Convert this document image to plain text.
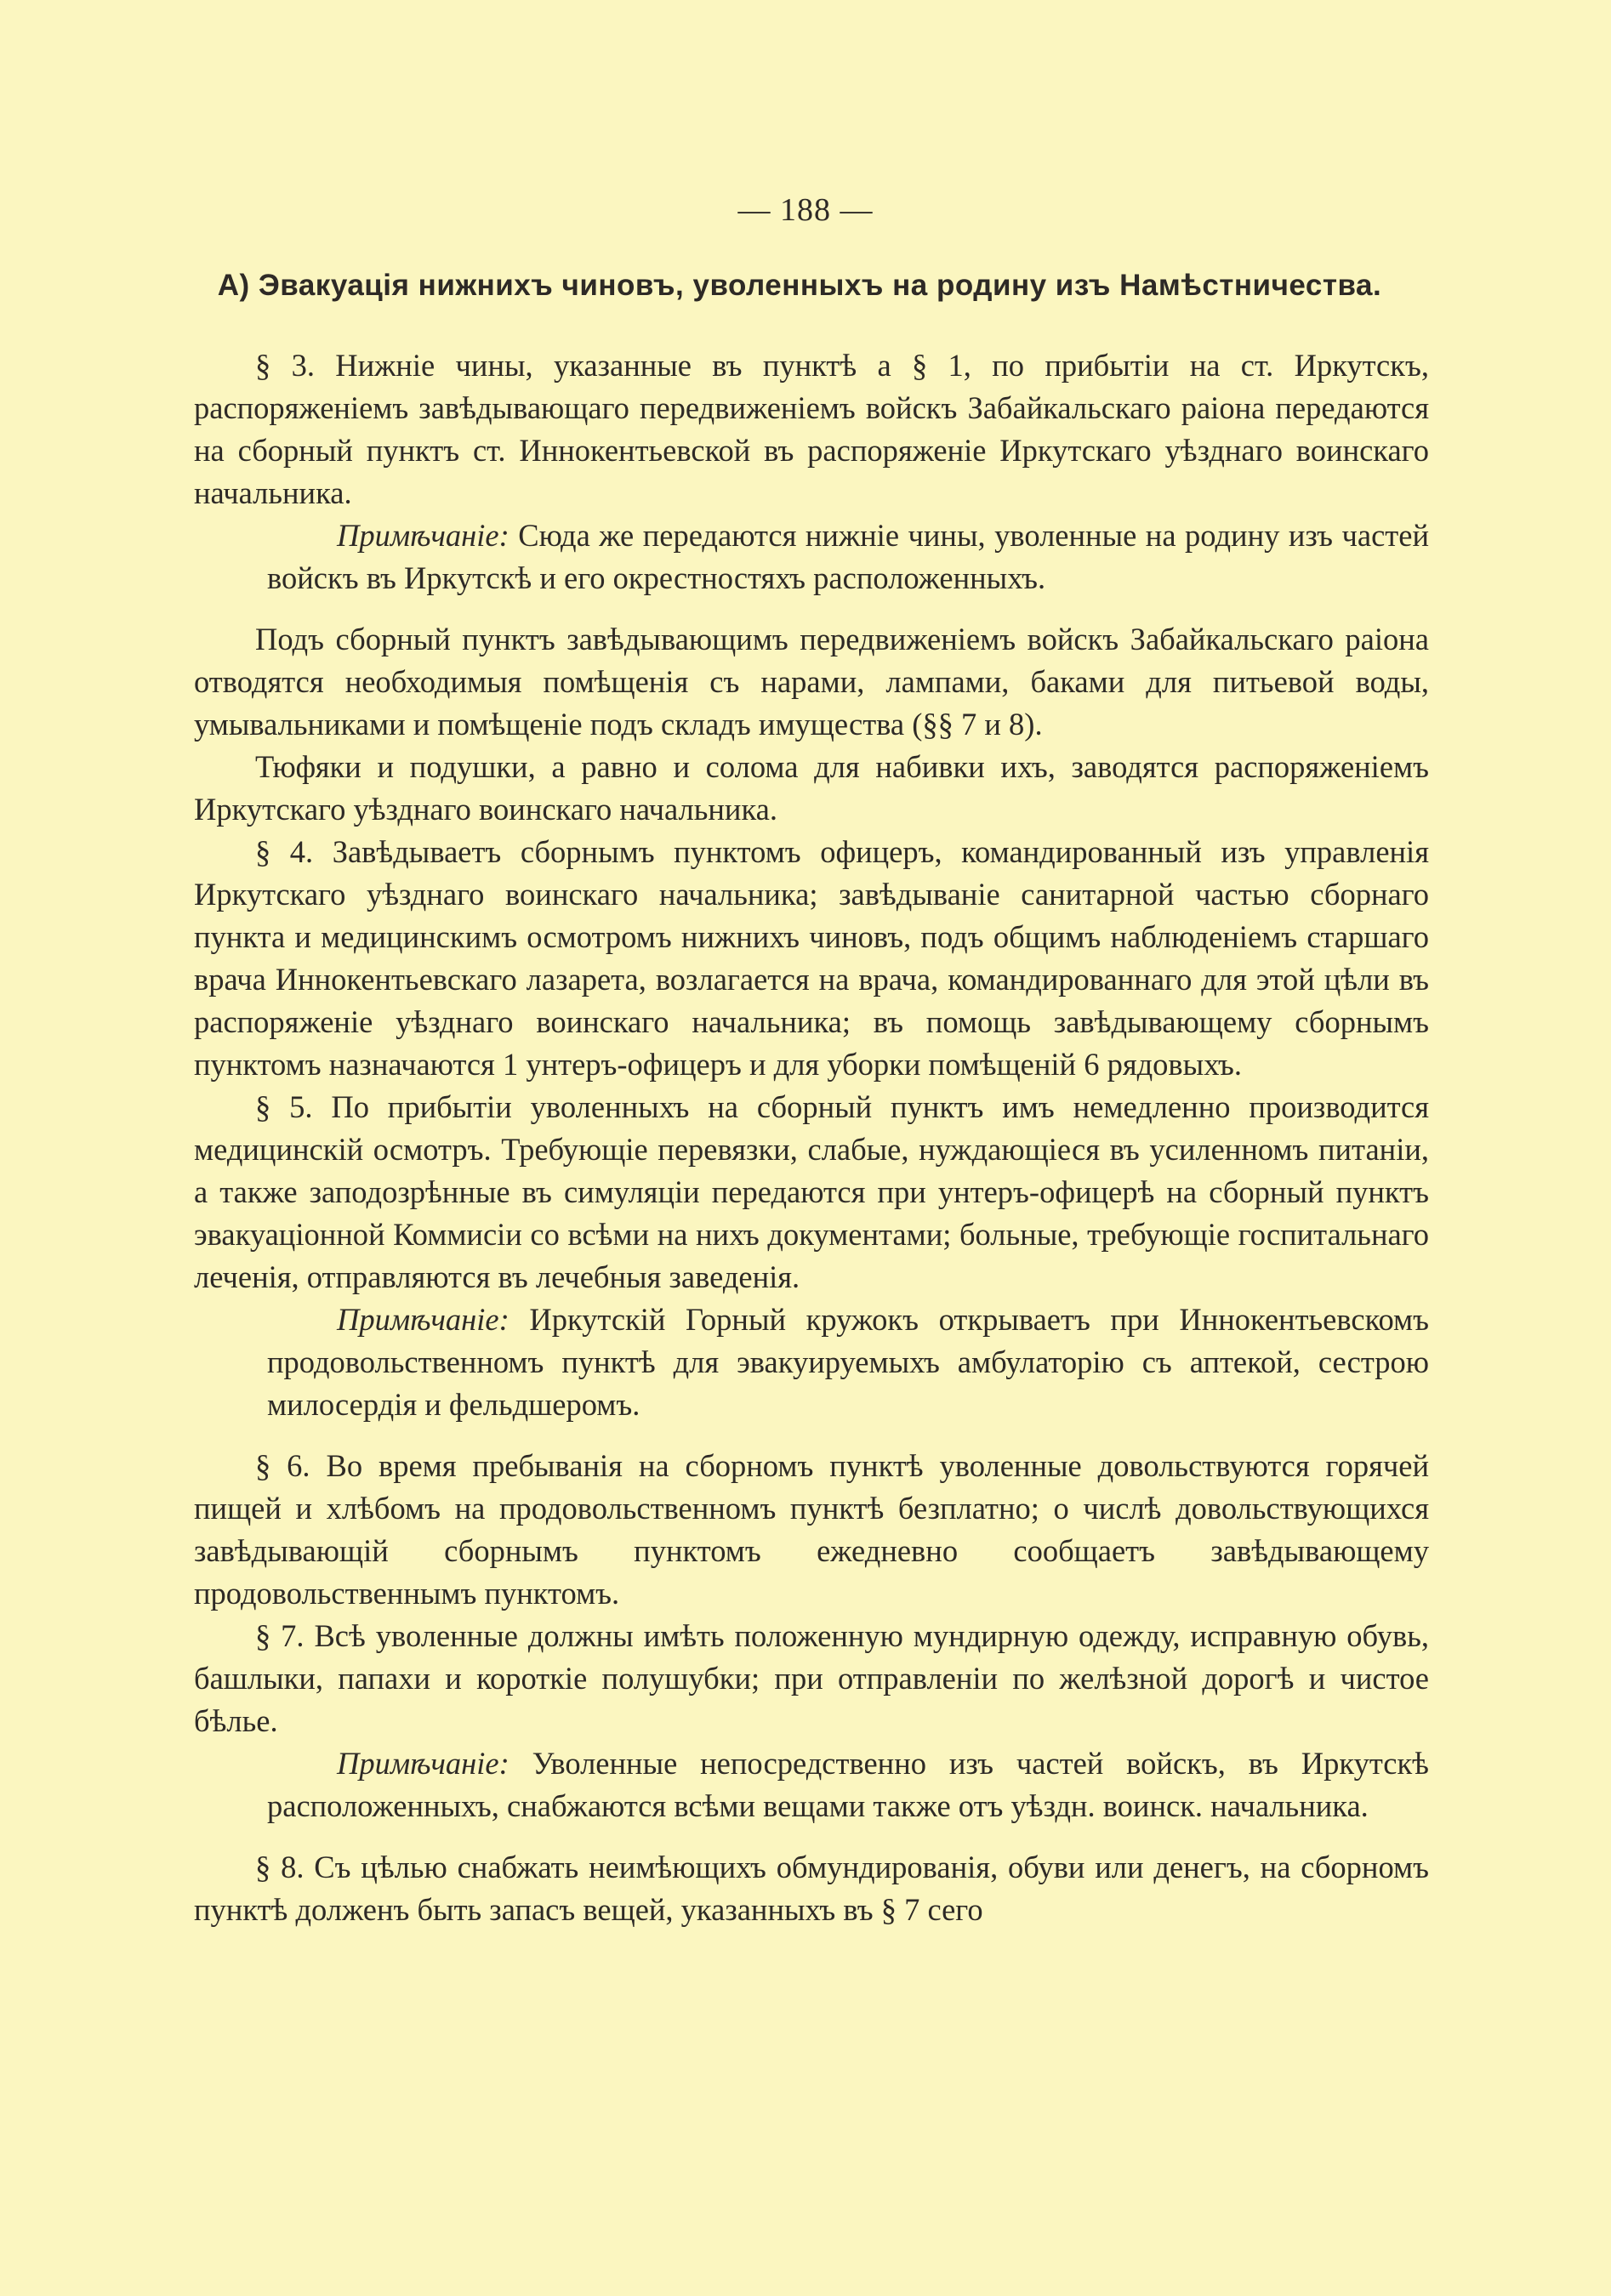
— 188 —
А) Эвакуація нижнихъ чиновъ, уволенныхъ на родину изъ Намѣстничества.

§ 3. Нижніе чины, указанные въ пунктѣ a § 1, по прибытіи на ст. Иркутскъ, распоряженіемъ завѣдывающаго передвиженіемъ войскъ Забайкальскаго раіона передаются на сборный пунктъ ст. Иннокентьевской въ распоряженіе Иркутскаго уѣзднаго воинскаго начальника.

Примѣчаніе: Сюда же передаются нижніе чины, уволенные на родину изъ частей войскъ въ Иркутскѣ и его окрестностяхъ расположенныхъ.

Подъ сборный пунктъ завѣдывающимъ передвиженіемъ войскъ Забайкальскаго раіона отводятся необходимыя помѣщенія съ нарами, лампами, баками для питьевой воды, умывальниками и помѣщеніе подъ складъ имущества (§§ 7 и 8).

Тюфяки и подушки, а равно и солома для набивки ихъ, заводятся распоряженіемъ Иркутскаго уѣзднаго воинскаго начальника.

§ 4. Завѣдываетъ сборнымъ пунктомъ офицеръ, командированный изъ управленія Иркутскаго уѣзднаго воинскаго начальника; завѣдываніе санитарной частью сборнаго пункта и медицинскимъ осмотромъ нижнихъ чиновъ, подъ общимъ наблюденіемъ старшаго врача Иннокентьевскаго лазарета, возлагается на врача, командированнаго для этой цѣли въ распоряженіе уѣзднаго воинскаго начальника; въ помощь завѣдывающему сборнымъ пунктомъ назначаются 1 унтеръ-офицеръ и для уборки помѣщеній 6 рядовыхъ.

§ 5. По прибытіи уволенныхъ на сборный пунктъ имъ немедленно производится медицинскій осмотръ. Требующіе перевязки, слабые, нуждающіеся въ усиленномъ питаніи, а также заподозрѣнные въ симуляціи передаются при унтеръ-офицерѣ на сборный пунктъ эвакуаціонной Коммисіи со всѣми на нихъ документами; больные, требующіе госпитальнаго леченія, отправляются въ лечебныя заведенія.

Примѣчаніе: Иркутскій Горный кружокъ открываетъ при Иннокентьевскомъ продовольственномъ пунктѣ для эвакуируемыхъ амбулаторію съ аптекой, сестрою милосердія и фельдшеромъ.

§ 6. Во время пребыванія на сборномъ пунктѣ уволенные довольствуются горячей пищей и хлѣбомъ на продовольственномъ пунктѣ безплатно; о числѣ довольствующихся завѣдывающій сборнымъ пунктомъ ежедневно сообщаетъ завѣдывающему продовольственнымъ пунктомъ.

§ 7. Всѣ уволенные должны имѣть положенную мундирную одежду, исправную обувь, башлыки, папахи и короткіе полушубки; при отправленіи по желѣзной дорогѣ и чистое бѣлье.

Примѣчаніе: Уволенные непосредственно изъ частей войскъ, въ Иркутскѣ расположенныхъ, снабжаются всѣми вещами также отъ уѣздн. воинск. начальника.

§ 8. Съ цѣлью снабжать неимѣющихъ обмундированія, обуви или денегъ, на сборномъ пунктѣ долженъ быть запасъ вещей, указанныхъ въ § 7 сего
